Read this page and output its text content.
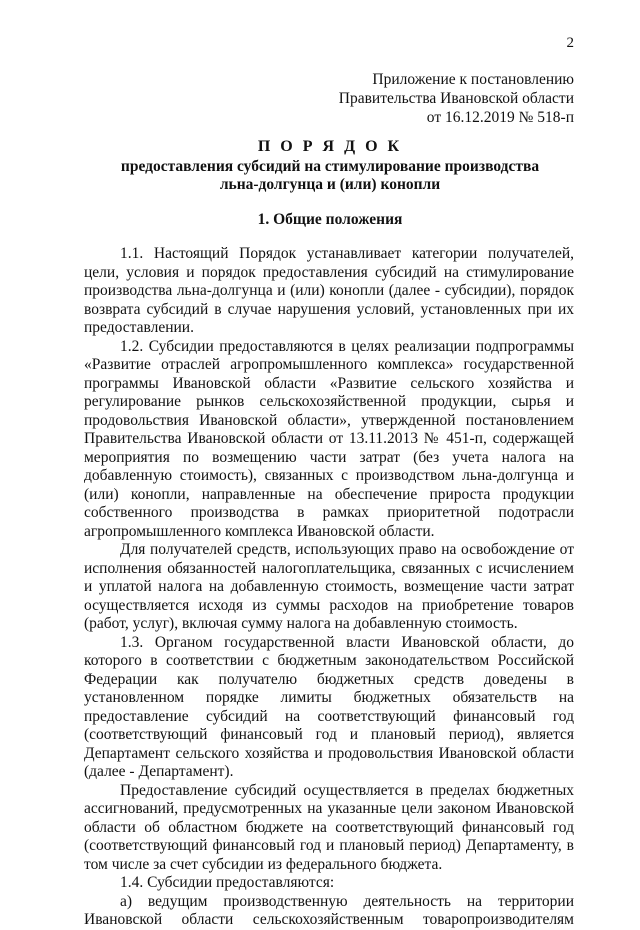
2
Приложение к постановлению
Правительства Ивановской области
от 16.12.2019 № 518-п
П О Р Я Д О К
предоставления субсидий на стимулирование производства
льна-долгунца и (или) конопли
1. Общие положения

1.1. Настоящий Порядок устанавливает категории получателей, цели, условия и порядок предоставления субсидий на стимулирование производства льна-долгунца и (или) конопли (далее - субсидии), порядок возврата субсидий в случае нарушения условий, установленных при их предоставлении.

1.2. Субсидии предоставляются в целях реализации подпрограммы «Развитие отраслей агропромышленного комплекса» государственной программы Ивановской области «Развитие сельского хозяйства и регулирование рынков сельскохозяйственной продукции, сырья и продовольствия Ивановской области», утвержденной постановлением Правительства Ивановской области от 13.11.2013 № 451-п, содержащей мероприятия по возмещению части затрат (без учета налога на добавленную стоимость), связанных с производством льна-долгунца и (или) конопли, направленные на обеспечение прироста продукции собственного производства в рамках приоритетной подотрасли агропромышленного комплекса Ивановской области.

Для получателей средств, использующих право на освобождение от исполнения обязанностей налогоплательщика, связанных с исчислением и уплатой налога на добавленную стоимость, возмещение части затрат осуществляется исходя из суммы расходов на приобретение товаров (работ, услуг), включая сумму налога на добавленную стоимость.

1.3. Органом государственной власти Ивановской области, до которого в соответствии с бюджетным законодательством Российской Федерации как получателю бюджетных средств доведены в установленном порядке лимиты бюджетных обязательств на предоставление субсидий на соответствующий финансовый год (соответствующий финансовый год и плановый период), является Департамент сельского хозяйства и продовольствия Ивановской области (далее - Департамент).

Предоставление субсидий осуществляется в пределах бюджетных ассигнований, предусмотренных на указанные цели законом Ивановской области об областном бюджете на соответствующий финансовый год (соответствующий финансовый год и плановый период) Департаменту, в том числе за счет субсидии из федерального бюджета.

1.4. Субсидии предоставляются:

а) ведущим производственную деятельность на территории Ивановской области сельскохозяйственным товаропроизводителям
